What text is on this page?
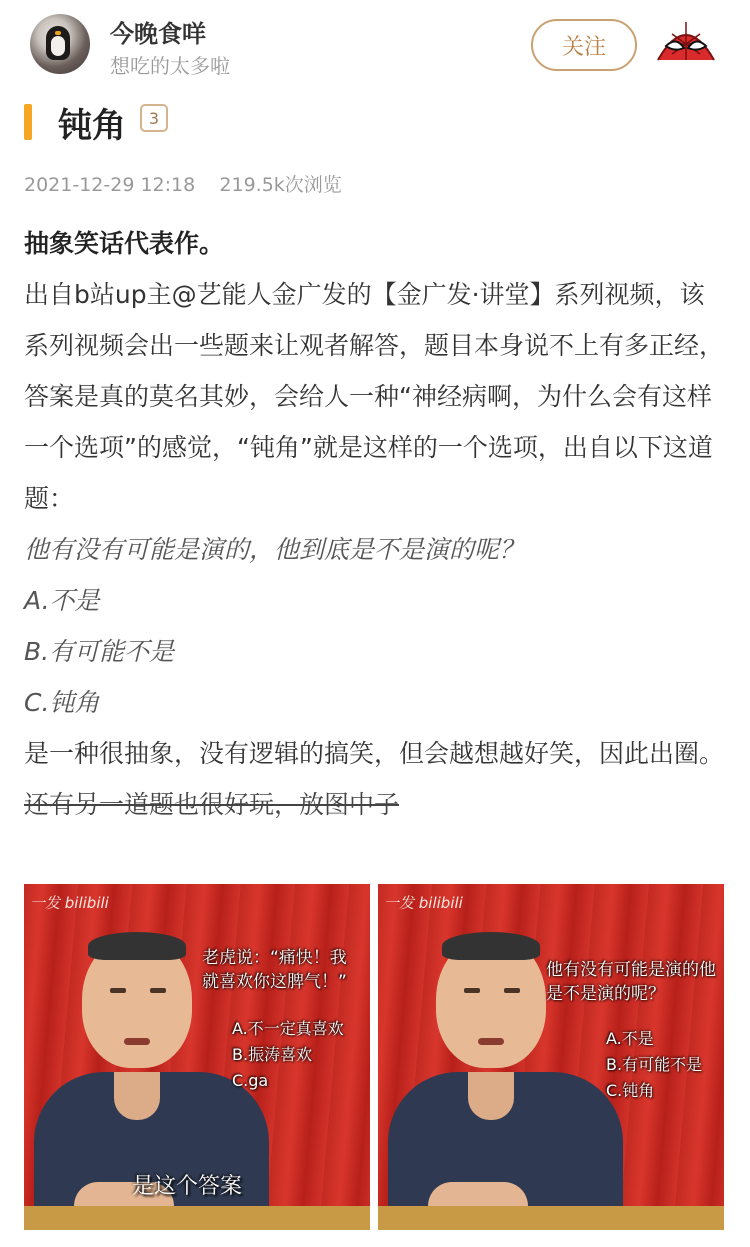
今晚食咩
想吃的太多啦
关注
钝角	3
2021-12-29 12:18 219.5k次浏览

抽象笑话代表作。

出自b站up主@艺能人金广发的【金广发·讲堂】系列视频，该系列视频会出一些题来让观者解答，题目本身说不上有多正经，答案是真的莫名其妙，会给人一种“神经病啊，为什么会有这样一个选项”的感觉，“钝角”就是这样的一个选项，出自以下这道题：

他有没有可能是演的，他到底是不是演的呢？

A.不是

B.有可能不是

C.钝角

是一种很抽象，没有逻辑的搞笑，但会越想越好笑，因此出圈。

还有另一道题也很好玩，放图中子

一发 bilibili
老虎说：“痛快！我就喜欢你这脾气！”
A.不一定真喜欢
B.振涛喜欢
C.ga
是这个答案
一发 bilibili
他有没有可能是演的他是不是演的呢？
A.不是
B.有可能不是
C.钝角
